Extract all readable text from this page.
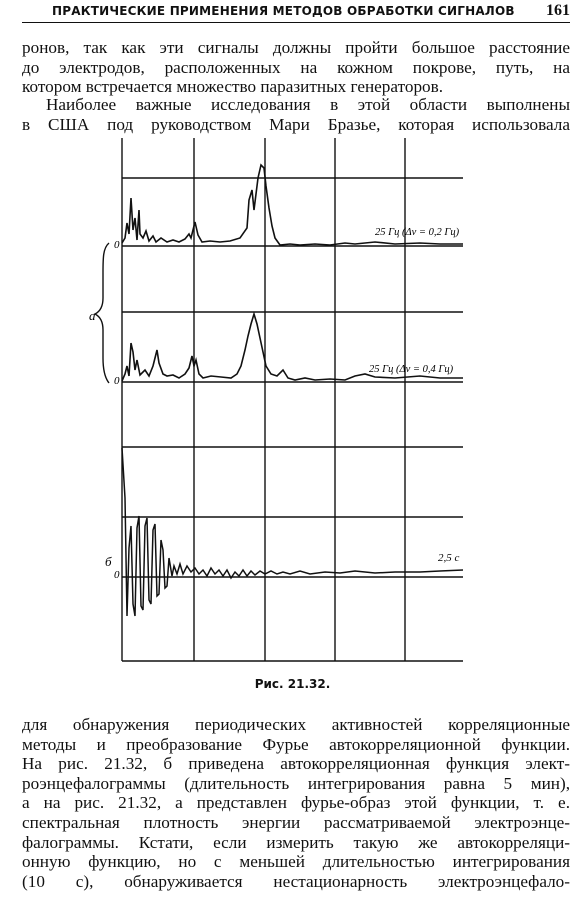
ПРАКТИЧЕСКИЕ ПРИМЕНЕНИЯ МЕТОДОВ ОБРАБОТКИ СИГНАЛОВ 161
ронов, так как эти сигналы должны пройти большое расстояние
до электродов, расположенных на кожном покрове, путь, на
котором встречается множество паразитных генераторов.
Наиболее важные исследования в этой области выполнены
в США под руководством Мари Бразье, которая использовала
a
б
0
0
0
25 Гц (Δν = 0,2 Гц)
25 Гц (Δν = 0,4 Гц)
2,5 с
Рис. 21.32.
для обнаружения периодических активностей корреляционные
методы и преобразование Фурье автокорреляционной функции.
На рис. 21.32, б приведена автокорреляционная функция элект-
роэнцефалограммы (длительность интегрирования равна 5 мин),
а на рис. 21.32, а представлен фурье-образ этой функции, т. е.
спектральная плотность энергии рассматриваемой электроэнце-
фалограммы. Кстати, если измерить такую же автокорреляци-
онную функцию, но с меньшей длительностью интегрирования
(10 с), обнаруживается нестационарность электроэнцефало-
